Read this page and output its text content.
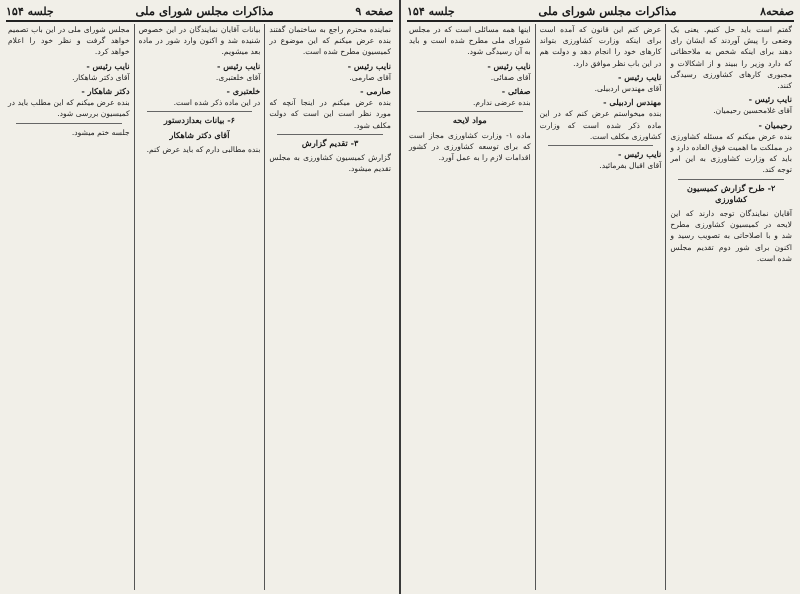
صفحه ۹
مذاکرات مجلس شورای ملی
جلسه ۱۵۴
نماینده محترم راجع به ساختمان گفتند بنده عرض میکنم که این موضوع در کمیسیون مطرح شده است.
نایب رئیس -
آقای صارمی.
صارمی -
بنده عرض میکنم در اینجا آنچه که مورد نظر است این است که دولت مکلف شود.
۳- تقدیم گزارش
گزارش کمیسیون کشاورزی به مجلس تقدیم میشود.
بیانات آقایان نمایندگان در این خصوص شنیده شد و اکنون وارد شور در ماده بعد میشویم.
نایب رئیس -
آقای خلعتبری.
خلعتبری -
در این ماده ذکر شده است.
۶- بیانات بعدازدستور
آقای دکتر شاهکار
بنده مطالبی دارم که باید عرض کنم.
مجلس شورای ملی در این باب تصمیم خواهد گرفت و نظر خود را اعلام خواهد کرد.
نایب رئیس -
آقای دکتر شاهکار.
دکتر شاهکار -
بنده عرض میکنم که این مطلب باید در کمیسیون بررسی شود.
جلسه ختم میشود.
صفحه۸
مذاکرات مجلس شورای ملی
جلسه ۱۵۴
گفتم است باید حل کنیم. یعنی یک وضعی را پیش آوردند که ایشان رای دهند برای اینکه شخص به ملاحظاتی که دارد وزیر را ببیند و از اشکالات و مجبوری کارهای کشاورزی رسیدگی کنند.
نایب رئیس -
آقای غلامحسین رحیمیان.
رحیمیان -
بنده عرض میکنم که مسئله کشاورزی در مملکت ما اهمیت فوق العاده دارد و باید که وزارت کشاورزی به این امر توجه کند.
۲- طرح گزارش کمیسیون کشاورزی
آقایان نمایندگان توجه دارند که این لایحه در کمیسیون کشاورزی مطرح شد و با اصلاحاتی به تصویب رسید و اکنون برای شور دوم تقدیم مجلس شده است.
عرض کنم این قانون که آمده است برای اینکه وزارت کشاورزی بتواند کارهای خود را انجام دهد و دولت هم در این باب نظر موافق دارد.
نایب رئیس -
آقای مهندس اردبیلی.
مهندس اردبیلی -
بنده میخواستم عرض کنم که در این ماده ذکر شده است که وزارت کشاورزی مکلف است.
نایب رئیس -
آقای اقبال بفرمائید.
اینها همه مسائلی است که در مجلس شورای ملی مطرح شده است و باید به آن رسیدگی شود.
نایب رئیس -
آقای صفائی.
صفائی -
بنده عرضی ندارم.
مواد لایحه
ماده ۱- وزارت کشاورزی مجاز است که برای توسعه کشاورزی در کشور اقدامات لازم را به عمل آورد.
